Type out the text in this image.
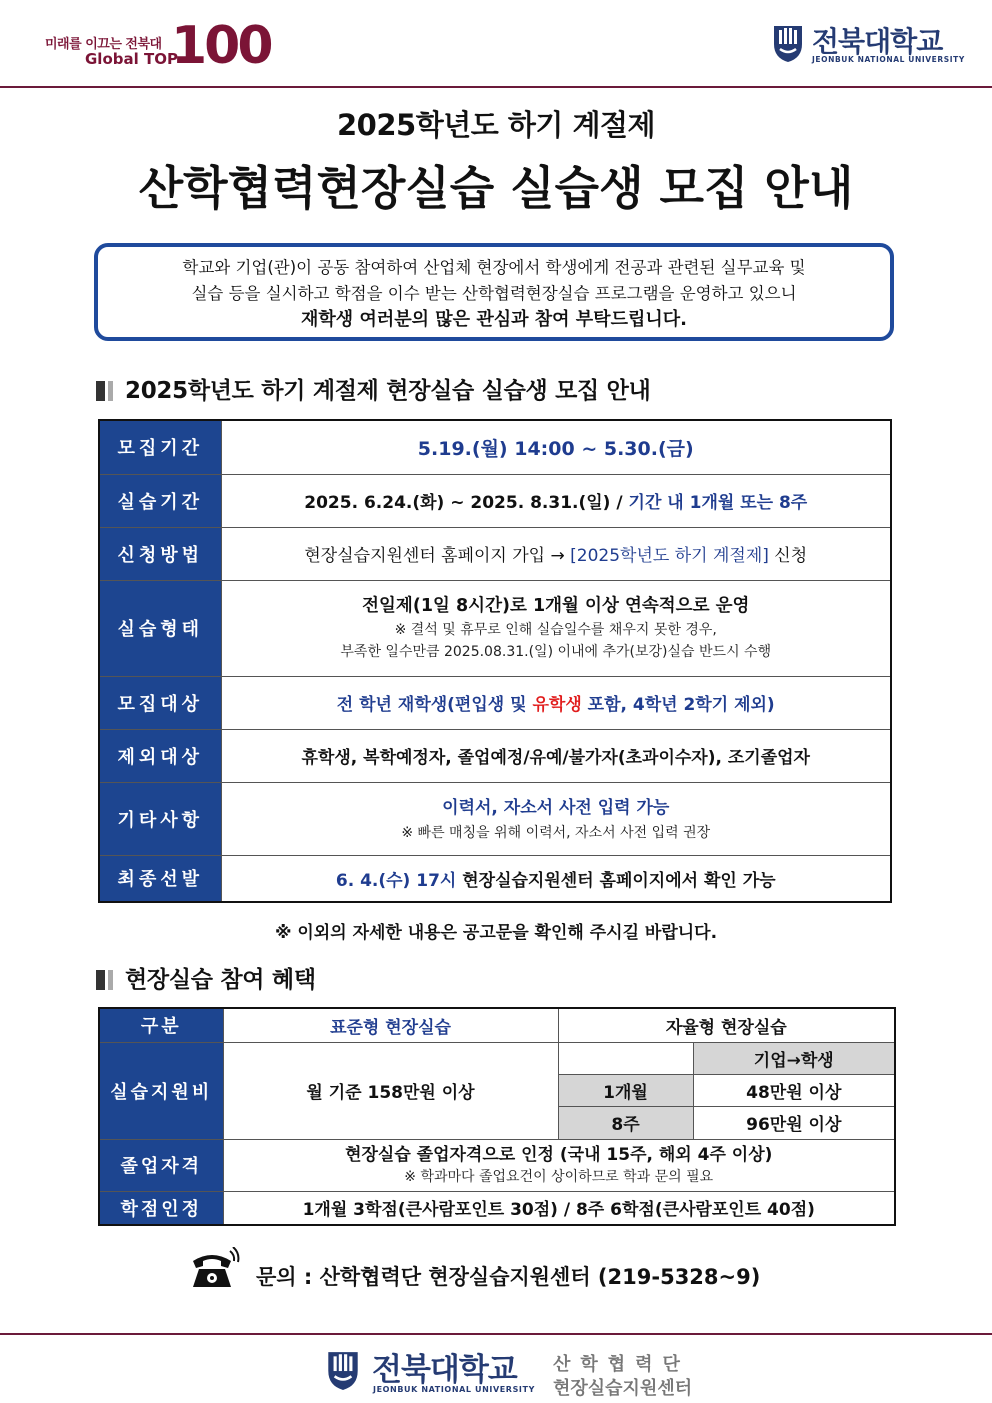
미래를 이끄는 전북대
Global TOP
100	전북대학교
JEONBUK NATIONAL UNIVERSITY
2025학년도 하기 계절제
산학협력현장실습 실습생 모집 안내
학교와 기업(관)이 공동 참여하여 산업체 현장에서 학생에게 전공과 관련된 실무교육 및
실습 등을 실시하고 학점을 이수 받는 산학협력현장실습 프로그램을 운영하고 있으니
재학생 여러분의 많은 관심과 참여 부탁드립니다.
2025학년도 하기 계절제 현장실습 실습생 모집 안내
모집기간	5.19.(월) 14:00 ~ 5.30.(금)
실습기간	2025. 6.24.(화) ~ 2025. 8.31.(일) / 기간 내 1개월 또는 8주
신청방법	현장실습지원센터 홈페이지 가입 → [2025학년도 하기 계절제] 신청
실습형태	전일제(1일 8시간)로 1개월 이상 연속적으로 운영
※ 결석 및 휴무로 인해 실습일수를 채우지 못한 경우,
부족한 일수만큼 2025.08.31.(일) 이내에 추가(보강)실습 반드시 수행

모집대상	전 학년 재학생(편입생 및 유학생 포함, 4학년 2학기 제외)
제외대상	휴학생, 복학예정자, 졸업예정/유예/불가자(초과이수자), 조기졸업자
기타사항	이력서, 자소서 사전 입력 가능
※ 빠른 매칭을 위해 이력서, 자소서 사전 입력 권장

최종선발	6. 4.(수) 17시 현장실습지원센터 홈페이지에서 확인 가능
※ 이외의 자세한 내용은 공고문을 확인해 주시길 바랍니다.
현장실습 참여 혜택
구분	표준형 현장실습	자율형 현장실습	
실습지원비	월 기준 158만원 이상		기업→학생
		1개월	48만원 이상
		8주	96만원 이상
졸업자격	현장실습 졸업자격으로 인정 (국내 15주, 해외 4주 이상)
※ 학과마다 졸업요건이 상이하므로 학과 문의 필요		

학점인정	1개월 3학점(큰사람포인트 30점) / 8주 6학점(큰사람포인트 40점)		
문의 : 산학협력단 현장실습지원센터 (219-5328~9)
전북대학교
JEONBUK NATIONAL UNIVERSITY
산학협력단
현장실습지원센터
